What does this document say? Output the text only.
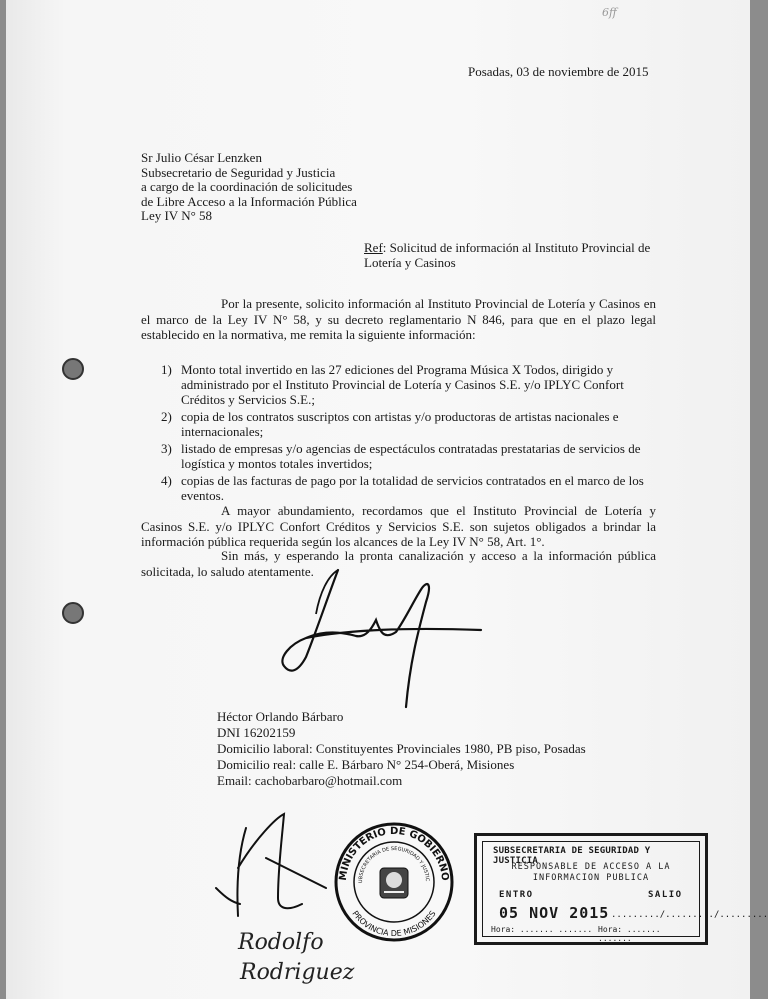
6ff
Posadas, 03 de noviembre de 2015
Sr Julio César Lenzken
Subsecretario de Seguridad y Justicia
a cargo de la coordinación de solicitudes
de Libre Acceso a la Información Pública
Ley IV N° 58
Ref: Solicitud de información al Instituto Provincial de Lotería y Casinos
Por la presente, solicito información al Instituto Provincial de Lotería y Casinos en el marco de la Ley IV N° 58, y su decreto reglamentario N 846, para que en el plazo legal establecido en la normativa, me remita la siguiente información:
1) Monto total invertido en las 27 ediciones del Programa Música X Todos, dirigido y administrado por el Instituto Provincial de Lotería y Casinos S.E. y/o IPLYC Confort Créditos y Servicios S.E.;
2) copia de los contratos suscriptos con artistas y/o productoras de artistas nacionales e internacionales;
3) listado de empresas y/o agencias de espectáculos contratadas prestatarias de servicios de logística y montos totales invertidos;
4) copias de las facturas de pago por la totalidad de servicios contratados en el marco de los eventos.
A mayor abundamiento, recordamos que el Instituto Provincial de Lotería y Casinos S.E. y/o IPLYC Confort Créditos y Servicios S.E. son sujetos obligados a brindar la información pública requerida según los alcances de la Ley IV N° 58, Art. 1°.
Sin más, y esperando la pronta canalización y acceso a la información pública solicitada, lo saludo atentamente.
Héctor Orlando Bárbaro
DNI 16202159
Domicilio laboral: Constituyentes Provinciales 1980, PB piso, Posadas
Domicilio real: calle E. Bárbaro N° 254-Oberá, Misiones
Email: cachobarbaro@hotmail.com
Rodolfo
Rodriguez
MINISTERIO DE GOBIERNO
UBSECRETARIA DE SEGURIDAD Y JUSTIC
PROVINCIA DE MISIONES
SUBSECRETARIA DE SEGURIDAD Y JUSTICIA
RESPONSABLE DE ACCESO A LA
INFORMACION PUBLICA
ENTRO	SALIO
05 NOV 2015 ........./........./.........
Hora: ....... ....... Hora: ....... .......
